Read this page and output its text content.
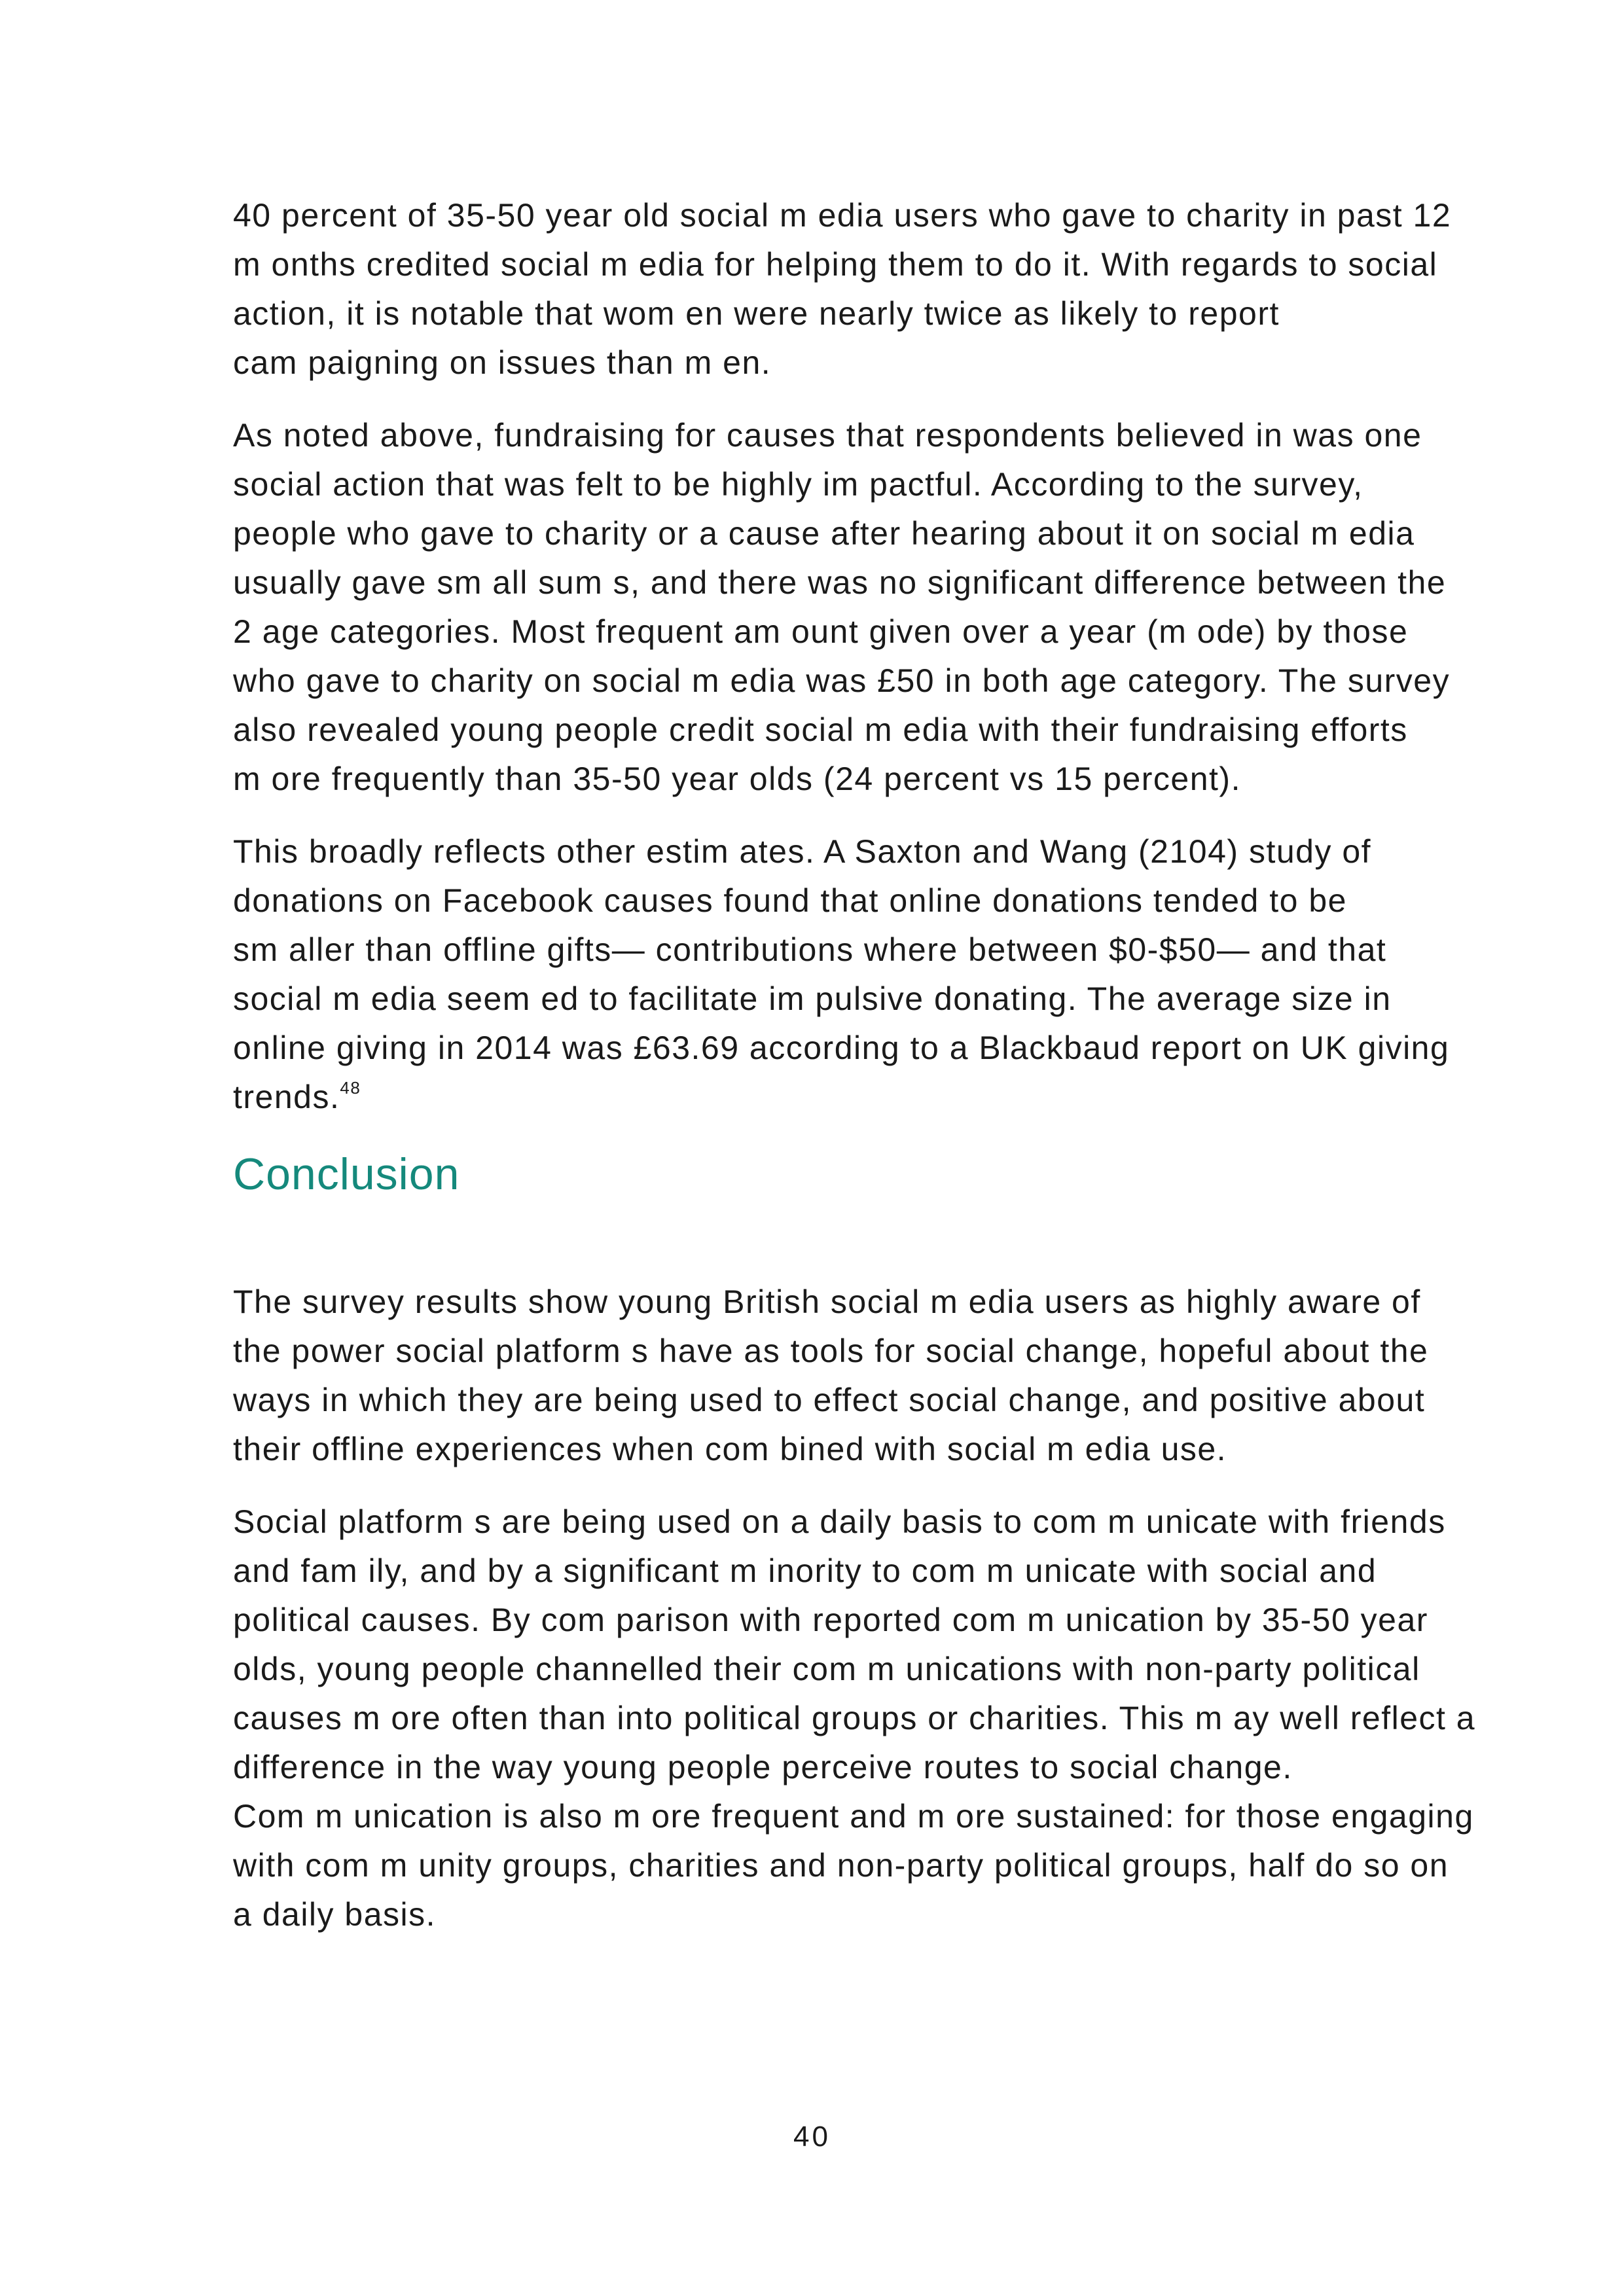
40 percent of 35-50 year old social m edia users who gave to charity in past 12
m onths credited social m edia for helping them to do it. With regards to social
action, it is notable that wom en were nearly twice as likely to report
cam paigning on issues than m en.
As noted above, fundraising for causes that respondents believed in was one
social action that was felt to be highly im pactful. According to the survey,
people who gave to charity or a cause after hearing about it on social m edia
usually gave sm all sum s, and there was no significant difference between the
2 age categories. Most frequent am ount given over a year (m ode) by those
who gave to charity on social m edia was £50 in both age category. The survey
also revealed young people credit social m edia with their fundraising efforts
m ore frequently than 35-50 year olds (24 percent vs 15 percent).
This broadly reflects other estim ates. A Saxton and Wang (2104) study of
donations on Facebook causes found that online donations tended to be
sm aller than offline gifts— contributions where between $0-$50— and that
social m edia seem ed to facilitate im pulsive donating. The average size in
online giving in 2014 was £63.69 according to a Blackbaud report on UK giving
trends.$^{48}$
Conclusion
The survey results show young British social m edia users as highly aware of
the power social platform s have as tools for social change, hopeful about the
ways in which they are being used to effect social change, and positive about
their offline experiences when com bined with social m edia use.
Social platform s are being used on a daily basis to com m unicate with friends
and fam ily, and by a significant m inority to com m unicate with social and
political causes. By com parison with reported com m unication by 35-50 year
olds, young people channelled their com m unications with non-party political
causes m ore often than into political groups or charities. This m ay well reflect a
difference in the way young people perceive routes to social change.
Com m unication is also m ore frequent and m ore sustained: for those engaging
with com m unity groups, charities and non-party political groups, half do so on
a daily basis.
40
